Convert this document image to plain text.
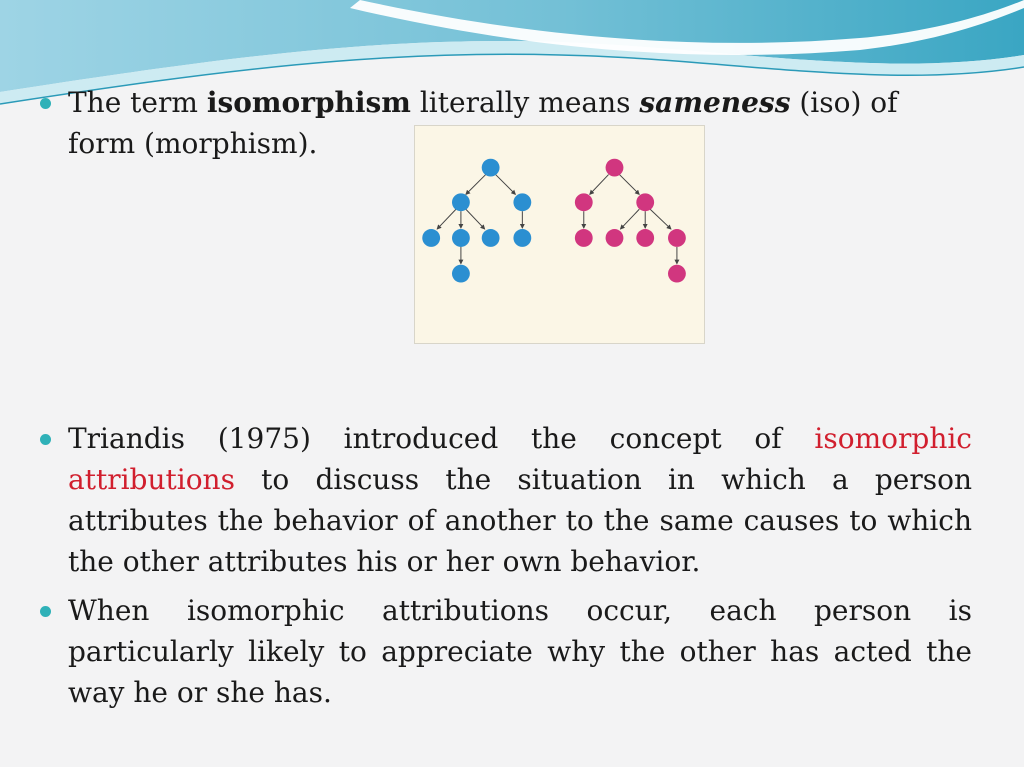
The term isomorphism literally means sameness (iso) of form (morphism).
Triandis (1975) introduced the concept of isomorphic attributions to discuss the situation in which a person attributes the behavior of another to the same causes to which the other attributes his or her own behavior.
When isomorphic attributions occur, each person is particularly likely to appreciate why the other has acted the way he or she has.
